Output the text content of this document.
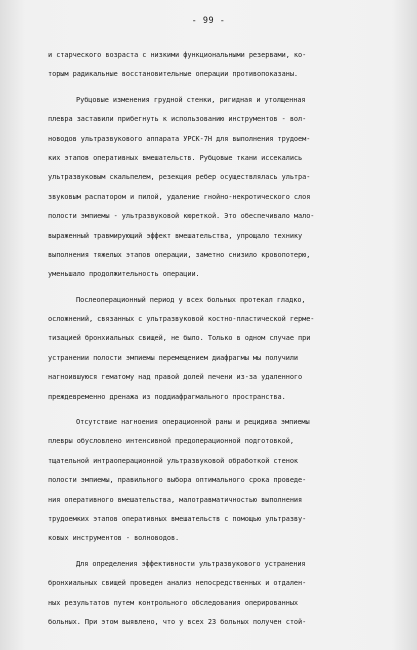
- 99 -
и старческого возраста с низкими функциональными резервами, ко-
торым радикальные восстановительные операции противопоказаны.
Рубцовые изменения грудной стенки, ригидная и утолщенная
плевра заставили прибегнуть к использованию инструментов - вол-
новодов ультразвукового аппарата УРСК-7Н для выполнения трудоем-
ких этапов оперативных вмешательств. Рубцовые ткани иссекались
ультразвуковым скальпелем, резекция ребер осуществлялась ультра-
звуковым распатором и пилой, удаление гнойно-некротического слоя
полости эмпиемы - ультразвуковой кюреткой. Это обеспечивало мало-
выраженный травмирующий эффект вмешательства, упрощало технику
выполнения тяжелых этапов операции, заметно снизило кровопотерю,
уменьшало продолжительность операции.
Послеоперационный период у всех больных протекал гладко,
осложнений, связанных с ультразвуковой костно-пластической герме-
тизацией бронхиальных свищей, не было. Только в одном случае при
устранении полости эмпиемы перемещением диафрагмы мы получили
нагноившуюся гематому над правой долей печени из-за удаленного
преждевременно дренажа из поддиафрагмального пространства.
Отсутствие нагноения операционной раны и рецидива эмпиемы
плевры обусловлено интенсивной предоперационной подготовкой,
тщательной интраоперационной ультразвуковой обработкой стенок
полости эмпиемы, правильного выбора оптимального срока проведе-
ния оперативного вмешательства, малотравматичностью выполнения
трудоемких этапов оперативных вмешательств с помощью ультразву-
ковых инструментов - волноводов.
Для определения эффективности ультразвукового устранения
бронхиальных свищей проведен анализ непосредственных и отдален-
ных результатов путем контрольного обследования оперированных
больных. При этом выявлено, что у всех 23 больных получен стой-
